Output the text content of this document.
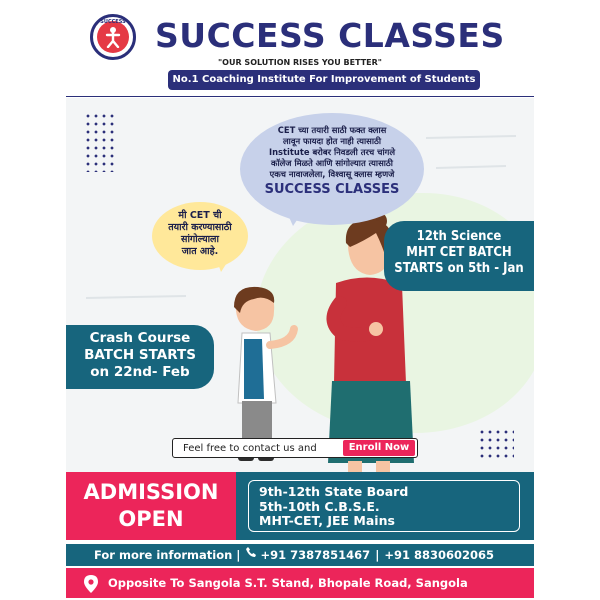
SUCCESS SUCCESS CLASSES
"OUR SOLUTION RISES YOU BETTER"
No.1 Coaching Institute For Improvement of Students
CET च्या तयारी साठी फक्त क्लास
लावून फायदा होत नाही त्यासाठी
Institute बरोबर निवडली तरच चांगले
कॉलेज मिळते आणि सांगोल्यात त्यासाठी
एकच नावाजलेला, विश्वासू क्लास म्हणजे
SUCCESS CLASSES
मी CET ची
तयारी करण्यासाठी
सांगोल्याला
जात आहे.
12th Science
MHT CET BATCH
STARTS on 5th - Jan
Crash Course
BATCH STARTS
on 22nd- Feb
Feel free to contact us and	Enroll Now
ADMISSION
OPEN
9th-12th State Board
5th-10th C.B.S.E.
MHT-CET, JEE Mains
For more information | +91 7387851467 | +91 8830602065
Opposite To Sangola S.T. Stand, Bhopale Road, Sangola
